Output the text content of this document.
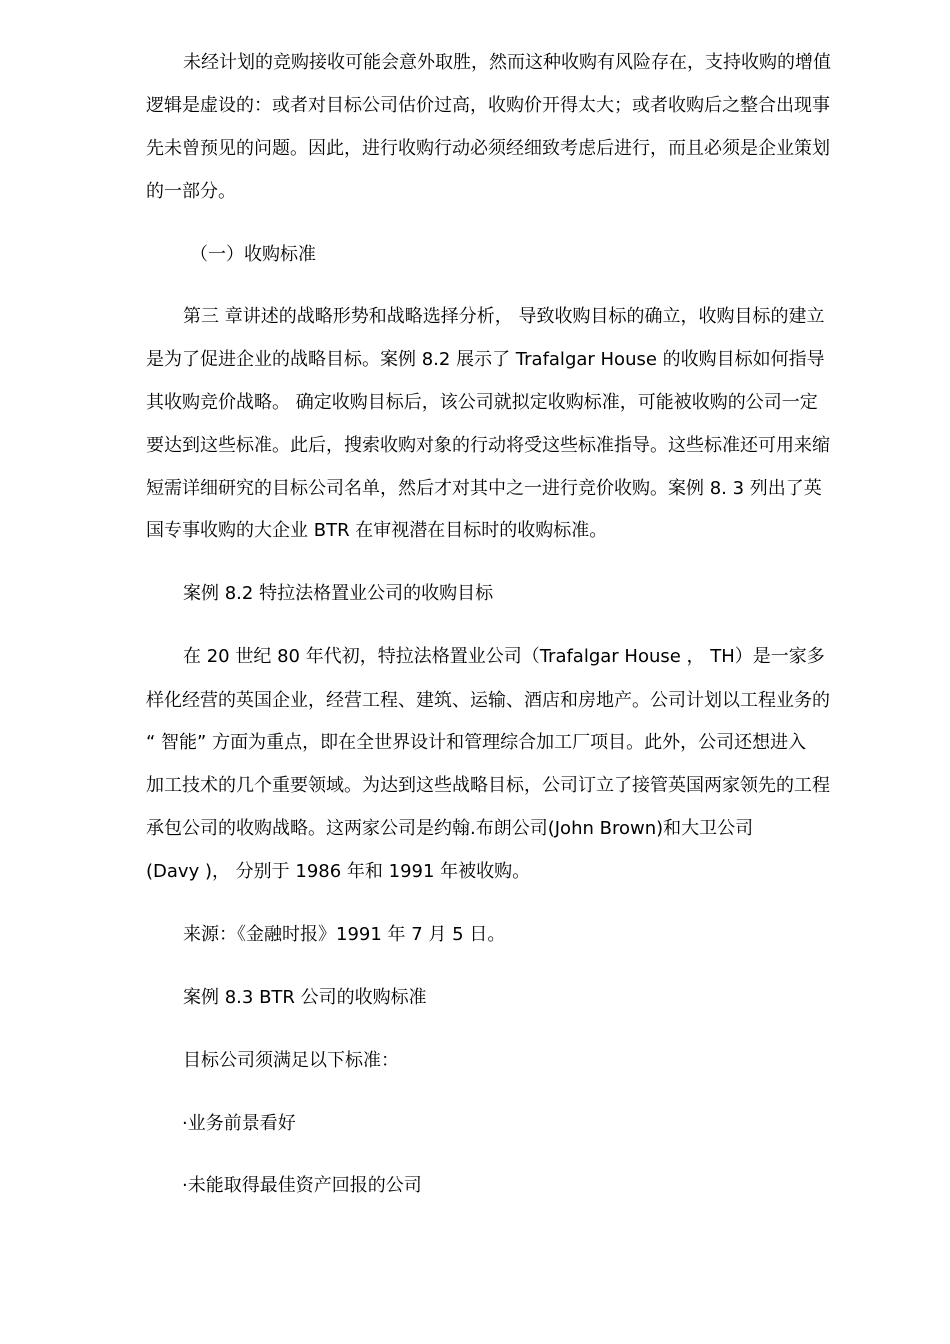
未经计划的竞购接收可能会意外取胜，然而这种收购有风险存在，支持收购的增值
逻辑是虚设的：或者对目标公司估价过高，收购价开得太大；或者收购后之整合出现事
先未曾预见的问题。因此，进行收购行动必须经细致考虑后进行，而且必须是企业策划
的一部分。
（一）收购标准
第三 章讲述的战略形势和战略选择分析， 导致收购目标的确立，收购目标的建立
是为了促进企业的战略目标。案例 8.2 展示了 Trafalgar House 的收购目标如何指导
其收购竞价战略。 确定收购目标后，该公司就拟定收购标准，可能被收购的公司一定
要达到这些标准。此后，搜索收购对象的行动将受这些标准指导。这些标准还可用来缩
短需详细研究的目标公司名单，然后才对其中之一进行竞价收购。案例 8. 3 列出了英
国专事收购的大企业 BTR 在审视潜在目标时的收购标准。
案例 8.2 特拉法格置业公司的收购目标
在 20 世纪 80 年代初，特拉法格置业公司（Trafalgar House ， TH）是一家多
样化经营的英国企业，经营工程、建筑、运输、酒店和房地产。公司计划以工程业务的
“ 智能” 方面为重点，即在全世界设计和管理综合加工厂项目。此外，公司还想进入
加工技术的几个重要领域。为达到这些战略目标，公司订立了接管英国两家领先的工程
承包公司的收购战略。这两家公司是约翰.布朗公司(John Brown)和大卫公司
(Davy )， 分别于 1986 年和 1991 年被收购。
来源：《金融时报》1991 年 7 月 5 日。
案例 8.3 BTR 公司的收购标准
目标公司须满足以下标准：
·业务前景看好
·未能取得最佳资产回报的公司
